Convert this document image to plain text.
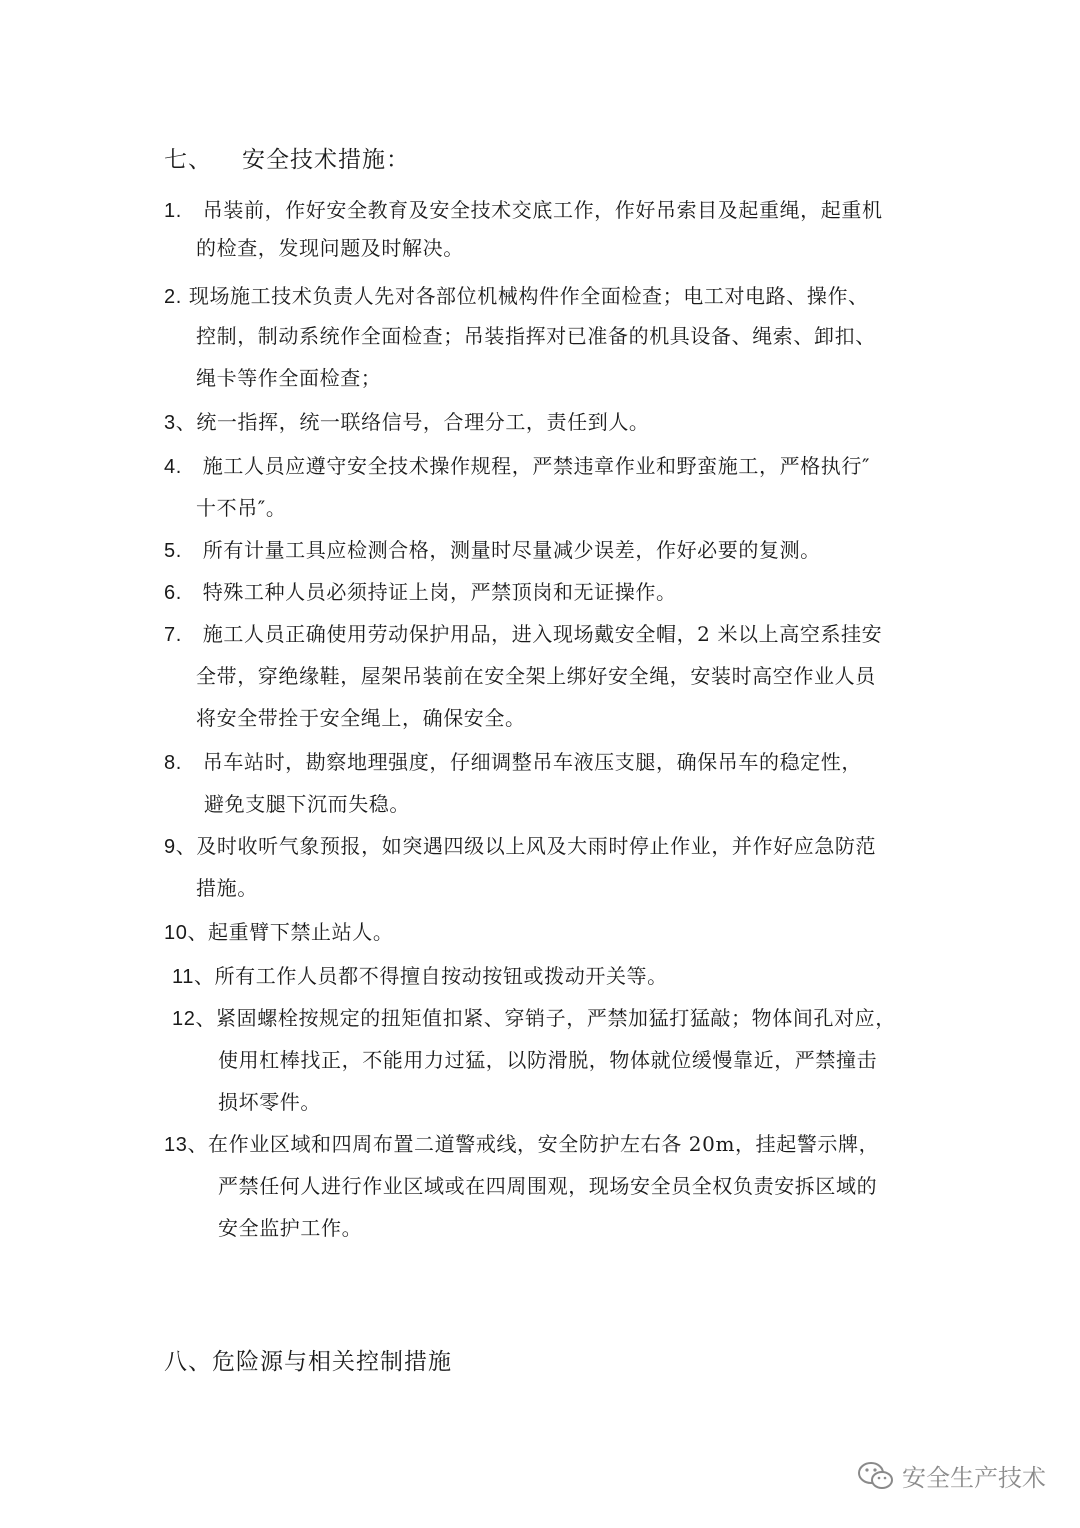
七、 安全技术措施：
1. 吊装前，作好安全教育及安全技术交底工作，作好吊索目及起重绳，起重机
的检查，发现问题及时解决。
2. 现场施工技术负责人先对各部位机械构件作全面检查；电工对电路、操作、
控制，制动系统作全面检查；吊装指挥对已准备的机具设备、绳索、卸扣、
绳卡等作全面检查；
3、统一指挥，统一联络信号，合理分工，责任到人。
4. 施工人员应遵守安全技术操作规程，严禁违章作业和野蛮施工，严格执行″
十不吊″。
5. 所有计量工具应检测合格，测量时尽量减少误差，作好必要的复测。
6. 特殊工种人员必须持证上岗，严禁顶岗和无证操作。
7. 施工人员正确使用劳动保护用品，进入现场戴安全帽，2 米以上高空系挂安
全带，穿绝缘鞋，屋架吊装前在安全架上绑好安全绳，安装时高空作业人员
将安全带拴于安全绳上，确保安全。
8. 吊车站时，勘察地理强度，仔细调整吊车液压支腿，确保吊车的稳定性，
避免支腿下沉而失稳。
9、及时收听气象预报，如突遇四级以上风及大雨时停止作业，并作好应急防范
措施。
10、起重臂下禁止站人。
11、所有工作人员都不得擅自按动按钮或拨动开关等。
12、紧固螺栓按规定的扭矩值扣紧、穿销子，严禁加猛打猛敲；物体间孔对应，
使用杠棒找正，不能用力过猛，以防滑脱，物体就位缓慢靠近，严禁撞击
损坏零件。
13、在作业区域和四周布置二道警戒线，安全防护左右各 20m，挂起警示牌，
严禁任何人进行作业区域或在四周围观，现场安全员全权负责安拆区域的
安全监护工作。
八、危险源与相关控制措施
安全生产技术
